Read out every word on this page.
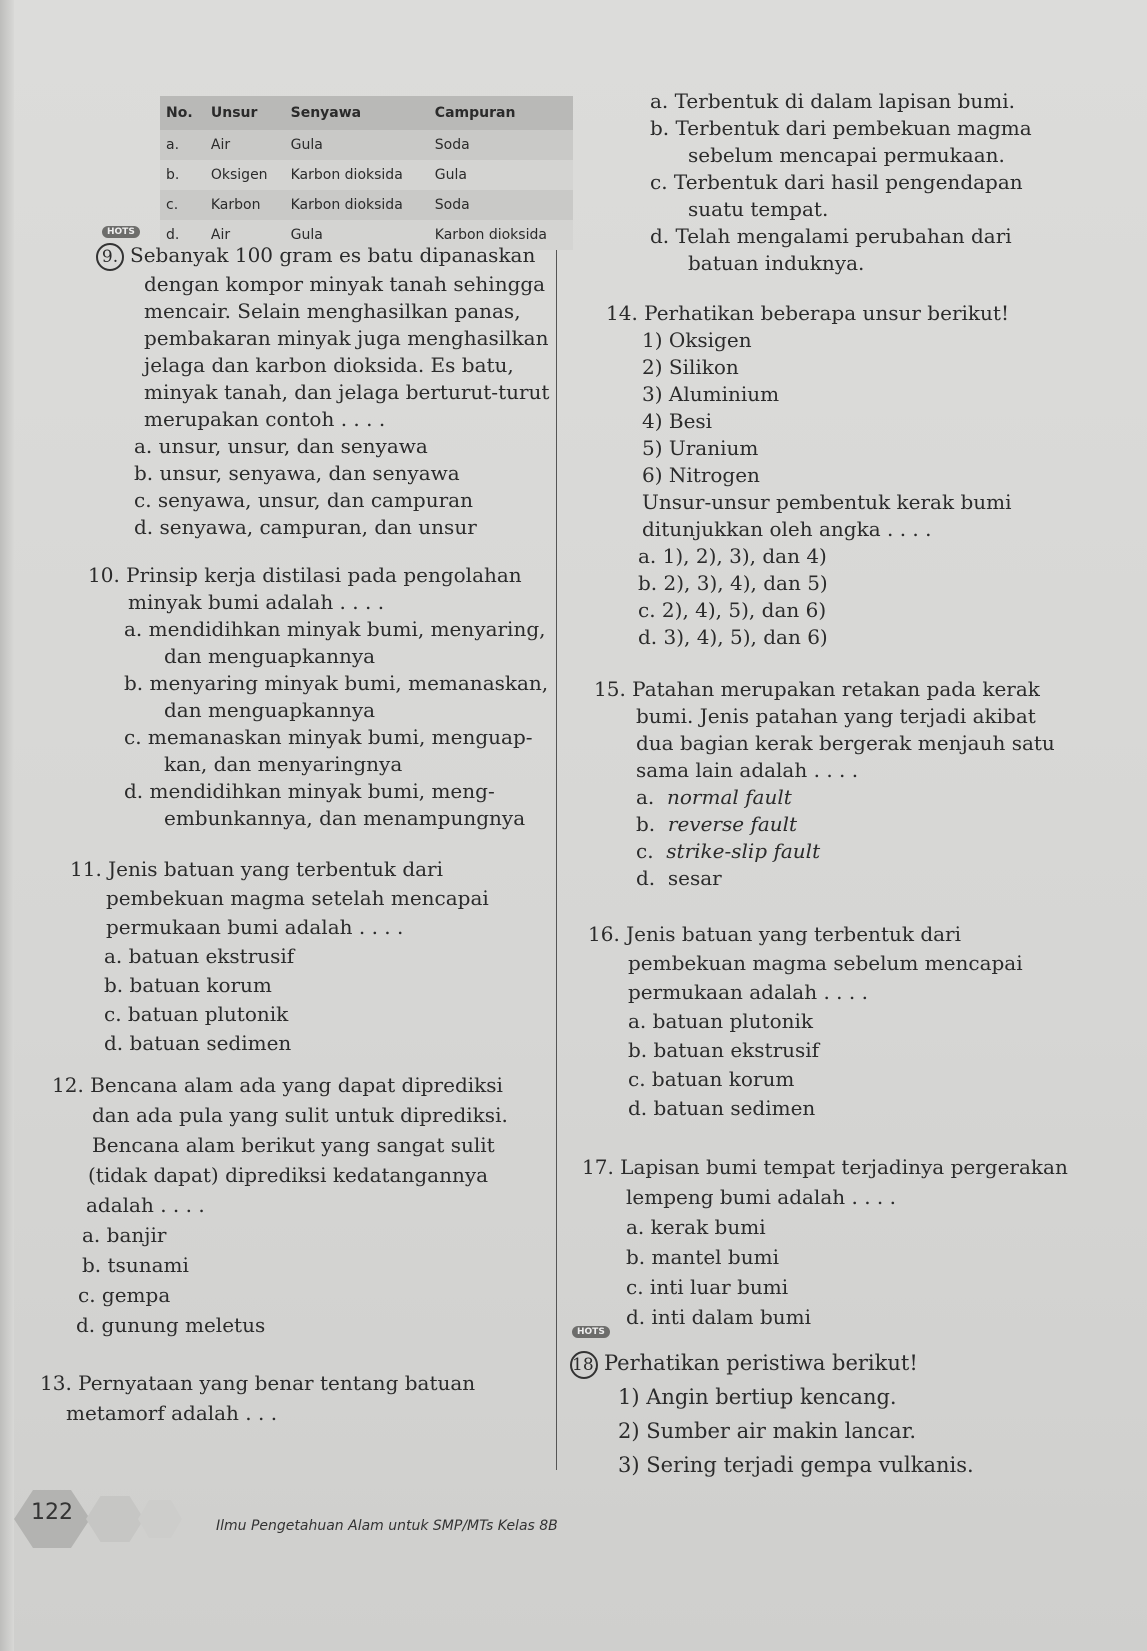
No.	Unsur	Senyawa	Campuran
a.	Air	Gula	Soda
b.	Oksigen	Karbon dioksida	Gula
c.	Karbon	Karbon dioksida	Soda
d.	Air	Gula	Karbon dioksida
HOTS
HOTS

9. Sebanyak 100 gram es batu dipanaskan

dengan kompor minyak tanah sehingga

mencair. Selain menghasilkan panas,

pembakaran minyak juga menghasilkan

jelaga dan karbon dioksida. Es batu,

minyak tanah, dan jelaga berturut-turut

merupakan contoh . . . .

a. unsur, unsur, dan senyawa

b. unsur, senyawa, dan senyawa

c. senyawa, unsur, dan campuran

d. senyawa, campuran, dan unsur

10. Prinsip kerja distilasi pada pengolahan

minyak bumi adalah . . . .

a. mendidihkan minyak bumi, menyaring,

dan menguapkannya

b. menyaring minyak bumi, memanaskan,

dan menguapkannya

c. memanaskan minyak bumi, menguap-

kan, dan menyaringnya

d. mendidihkan minyak bumi, meng-

embunkannya, dan menampungnya

11. Jenis batuan yang terbentuk dari

pembekuan magma setelah mencapai

permukaan bumi adalah . . . .

a. batuan ekstrusif

b. batuan korum

c. batuan plutonik

d. batuan sedimen

12. Bencana alam ada yang dapat diprediksi

dan ada pula yang sulit untuk diprediksi.

Bencana alam berikut yang sangat sulit

(tidak dapat) diprediksi kedatangannya

adalah . . . .

a. banjir

b. tsunami

c. gempa

d. gunung meletus

13. Pernyataan yang benar tentang batuan

metamorf adalah . . .

a. Terbentuk di dalam lapisan bumi.

b. Terbentuk dari pembekuan magma

sebelum mencapai permukaan.

c. Terbentuk dari hasil pengendapan

suatu tempat.

d. Telah mengalami perubahan dari

batuan induknya.

14. Perhatikan beberapa unsur berikut!

1) Oksigen

2) Silikon

3) Aluminium

4) Besi

5) Uranium

6) Nitrogen

Unsur-unsur pembentuk kerak bumi

ditunjukkan oleh angka . . . .

a. 1), 2), 3), dan 4)

b. 2), 3), 4), dan 5)

c. 2), 4), 5), dan 6)

d. 3), 4), 5), dan 6)

15. Patahan merupakan retakan pada kerak

bumi. Jenis patahan yang terjadi akibat

dua bagian kerak bergerak menjauh satu

sama lain adalah . . . .

a. normal fault

b. reverse fault

c. strike-slip fault

d. sesar

16. Jenis batuan yang terbentuk dari

pembekuan magma sebelum mencapai

permukaan adalah . . . .

a. batuan plutonik

b. batuan ekstrusif

c. batuan korum

d. batuan sedimen

17. Lapisan bumi tempat terjadinya pergerakan

lempeng bumi adalah . . . .

a. kerak bumi

b. mantel bumi

c. inti luar bumi

d. inti dalam bumi

18. Perhatikan peristiwa berikut!

1) Angin bertiup kencang.

2) Sumber air makin lancar.

3) Sering terjadi gempa vulkanis.

122
Ilmu Pengetahuan Alam untuk SMP/MTs Kelas 8B
